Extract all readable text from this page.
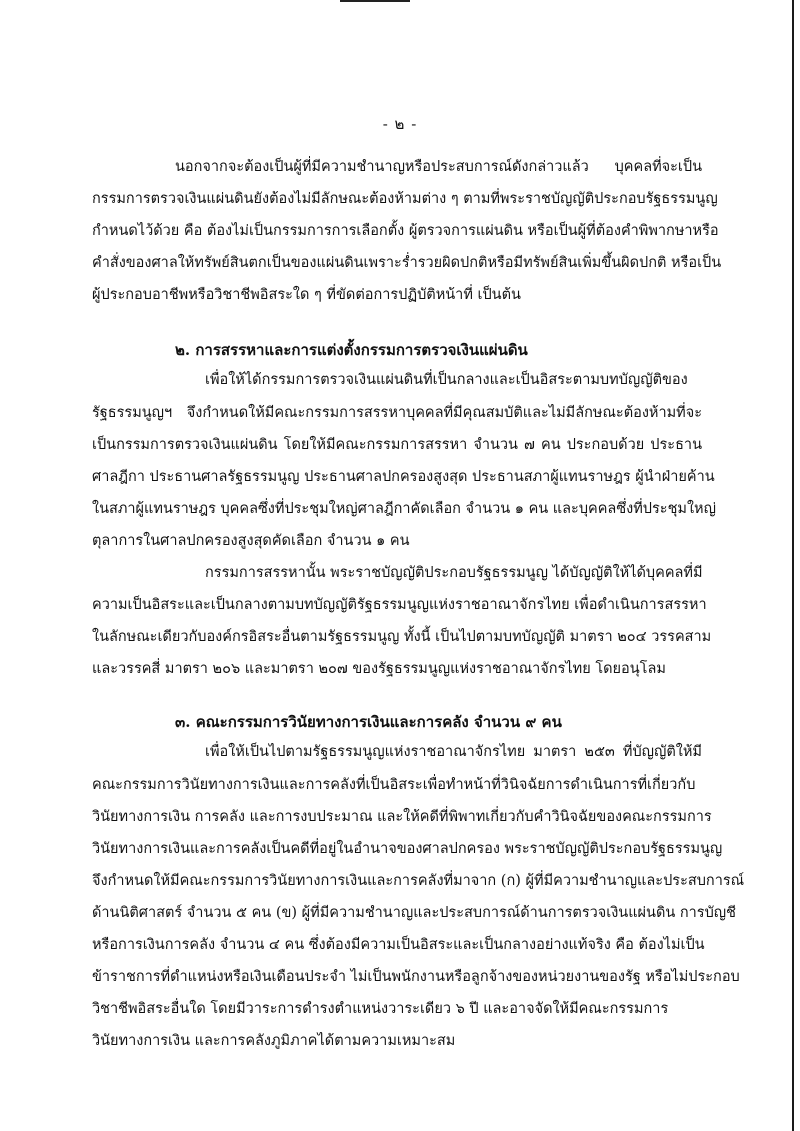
- ๒ -
นอกจากจะต้องเป็นผู้ที่มีความชำนาญหรือประสบการณ์ดังกล่าวแล้ว บุคคลที่จะเป็น
กรรมการตรวจเงินแผ่นดินยังต้องไม่มีลักษณะต้องห้ามต่าง ๆ ตามที่พระราชบัญญัติประกอบรัฐธรรมนูญ
กำหนดไว้ด้วย คือ ต้องไม่เป็นกรรมการการเลือกตั้ง ผู้ตรวจการแผ่นดิน หรือเป็นผู้ที่ต้องคำพิพากษาหรือ
คำสั่งของศาลให้ทรัพย์สินตกเป็นของแผ่นดินเพราะร่ำรวยผิดปกติหรือมีทรัพย์สินเพิ่มขึ้นผิดปกติ หรือเป็น
ผู้ประกอบอาชีพหรือวิชาชีพอิสระใด ๆ ที่ขัดต่อการปฏิบัติหน้าที่ เป็นต้น
๒. การสรรหาและการแต่งตั้งกรรมการตรวจเงินแผ่นดิน
เพื่อให้ได้กรรมการตรวจเงินแผ่นดินที่เป็นกลางและเป็นอิสระตามบทบัญญัติของ
รัฐธรรมนูญฯ จึงกำหนดให้มีคณะกรรมการสรรหาบุคคลที่มีคุณสมบัติและไม่มีลักษณะต้องห้ามที่จะ
เป็นกรรมการตรวจเงินแผ่นดิน โดยให้มีคณะกรรมการสรรหา จำนวน ๗ คน ประกอบด้วย ประธาน
ศาลฎีกา ประธานศาลรัฐธรรมนูญ ประธานศาลปกครองสูงสุด ประธานสภาผู้แทนราษฎร ผู้นำฝ่ายค้าน
ในสภาผู้แทนราษฎร บุคคลซึ่งที่ประชุมใหญ่ศาลฎีกาคัดเลือก จำนวน ๑ คน และบุคคลซึ่งที่ประชุมใหญ่
ตุลาการในศาลปกครองสูงสุดคัดเลือก จำนวน ๑ คน
กรรมการสรรหานั้น พระราชบัญญัติประกอบรัฐธรรมนูญ ได้บัญญัติให้ได้บุคคลที่มี
ความเป็นอิสระและเป็นกลางตามบทบัญญัติรัฐธรรมนูญแห่งราชอาณาจักรไทย เพื่อดำเนินการสรรหา
ในลักษณะเดียวกับองค์กรอิสระอื่นตามรัฐธรรมนูญ ทั้งนี้ เป็นไปตามบทบัญญัติ มาตรา ๒๐๔ วรรคสาม
และวรรคสี่ มาตรา ๒๐๖ และมาตรา ๒๐๗ ของรัฐธรรมนูญแห่งราชอาณาจักรไทย โดยอนุโลม
๓. คณะกรรมการวินัยทางการเงินและการคลัง จำนวน ๙ คน
เพื่อให้เป็นไปตามรัฐธรรมนูญแห่งราชอาณาจักรไทย มาตรา ๒๕๓ ที่บัญญัติให้มี
คณะกรรมการวินัยทางการเงินและการคลังที่เป็นอิสระเพื่อทำหน้าที่วินิจฉัยการดำเนินการที่เกี่ยวกับ
วินัยทางการเงิน การคลัง และการงบประมาณ และให้คดีที่พิพาทเกี่ยวกับคำวินิจฉัยของคณะกรรมการ
วินัยทางการเงินและการคลังเป็นคดีที่อยู่ในอำนาจของศาลปกครอง พระราชบัญญัติประกอบรัฐธรรมนูญ
จึงกำหนดให้มีคณะกรรมการวินัยทางการเงินและการคลังที่มาจาก (ก) ผู้ที่มีความชำนาญและประสบการณ์
ด้านนิติศาสตร์ จำนวน ๕ คน (ข) ผู้ที่มีความชำนาญและประสบการณ์ด้านการตรวจเงินแผ่นดิน การบัญชี
หรือการเงินการคลัง จำนวน ๔ คน ซึ่งต้องมีความเป็นอิสระและเป็นกลางอย่างแท้จริง คือ ต้องไม่เป็น
ข้าราชการที่ดำแหน่งหรือเงินเดือนประจำ ไม่เป็นพนักงานหรือลูกจ้างของหน่วยงานของรัฐ หรือไม่ประกอบ
วิชาชีพอิสระอื่นใด โดยมีวาระการดำรงตำแหน่งวาระเดียว ๖ ปี และอาจจัดให้มีคณะกรรมการ
วินัยทางการเงิน และการคลังภูมิภาคได้ตามความเหมาะสม
